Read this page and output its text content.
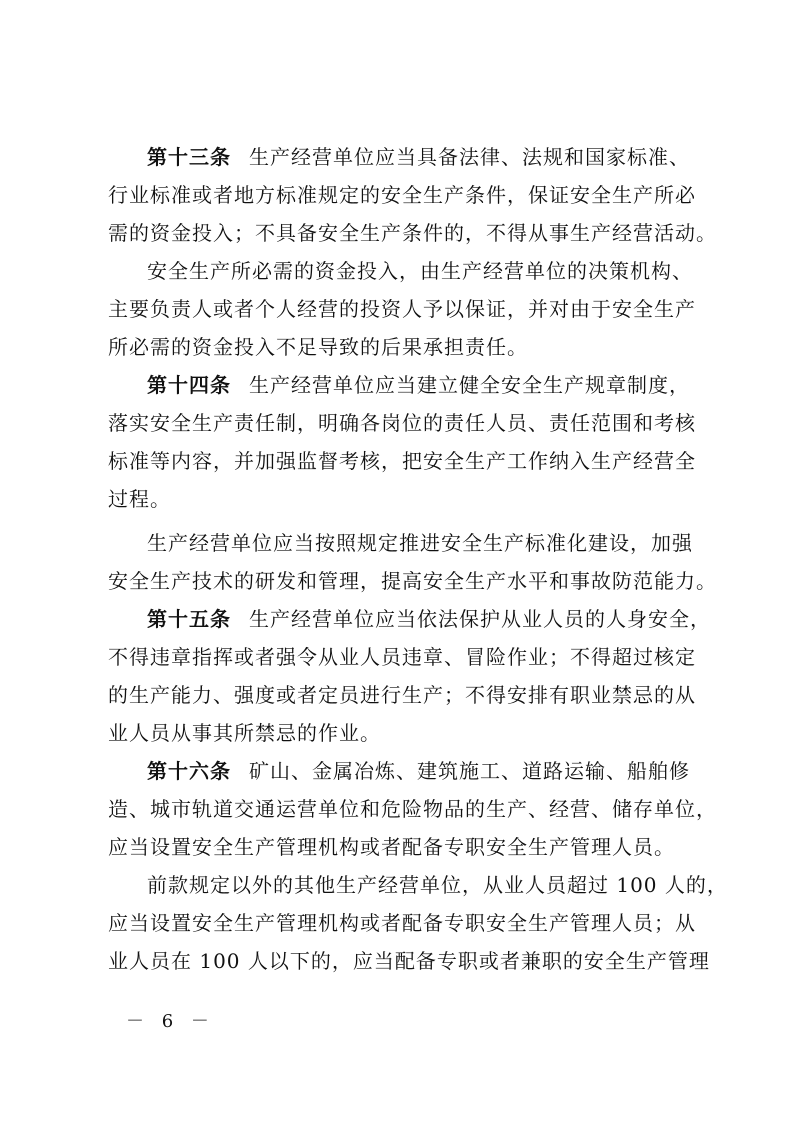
第十三条 生产经营单位应当具备法律、法规和国家标准、
行业标准或者地方标准规定的安全生产条件，保证安全生产所必
需的资金投入；不具备安全生产条件的，不得从事生产经营活动。
安全生产所必需的资金投入，由生产经营单位的决策机构、
主要负责人或者个人经营的投资人予以保证，并对由于安全生产
所必需的资金投入不足导致的后果承担责任。
第十四条 生产经营单位应当建立健全安全生产规章制度，
落实安全生产责任制，明确各岗位的责任人员、责任范围和考核
标准等内容，并加强监督考核，把安全生产工作纳入生产经营全
过程。
生产经营单位应当按照规定推进安全生产标准化建设，加强
安全生产技术的研发和管理，提高安全生产水平和事故防范能力。
第十五条 生产经营单位应当依法保护从业人员的人身安全，
不得违章指挥或者强令从业人员违章、冒险作业；不得超过核定
的生产能力、强度或者定员进行生产；不得安排有职业禁忌的从
业人员从事其所禁忌的作业。
第十六条 矿山、金属冶炼、建筑施工、道路运输、船舶修
造、城市轨道交通运营单位和危险物品的生产、经营、储存单位，
应当设置安全生产管理机构或者配备专职安全生产管理人员。
前款规定以外的其他生产经营单位，从业人员超过 100 人的，
应当设置安全生产管理机构或者配备专职安全生产管理人员；从
业人员在 100 人以下的，应当配备专职或者兼职的安全生产管理
－ 6 －
